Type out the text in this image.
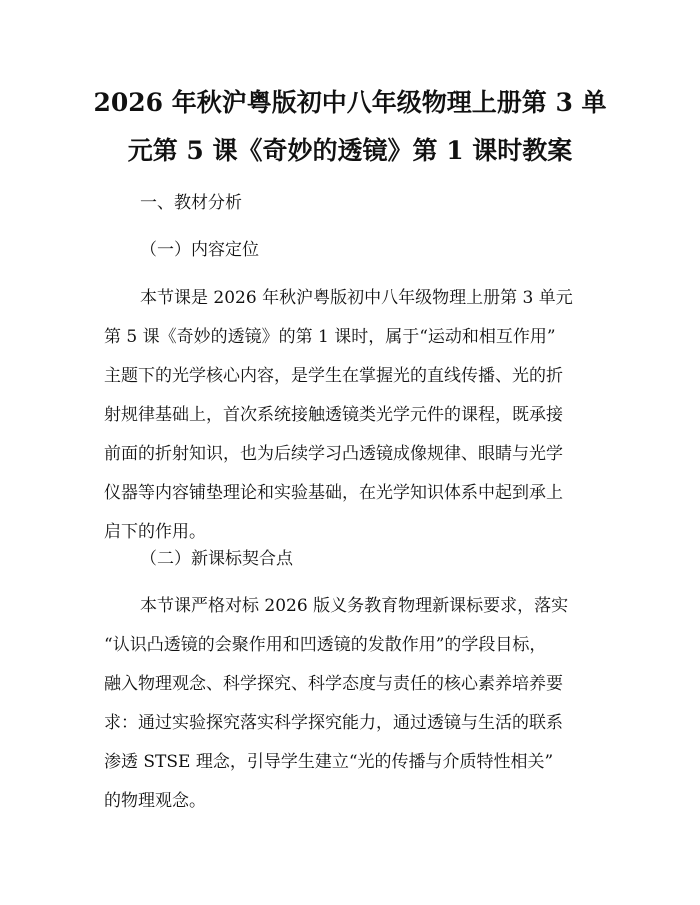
2026 年秋沪粤版初中八年级物理上册第 3 单
元第 5 课《奇妙的透镜》第 1 课时教案
一、教材分析
（一）内容定位
本节课是 2026 年秋沪粤版初中八年级物理上册第 3 单元
第 5 课《奇妙的透镜》的第 1 课时，属于“运动和相互作用”
主题下的光学核心内容，是学生在掌握光的直线传播、光的折
射规律基础上，首次系统接触透镜类光学元件的课程，既承接
前面的折射知识，也为后续学习凸透镜成像规律、眼睛与光学
仪器等内容铺垫理论和实验基础，在光学知识体系中起到承上
启下的作用。
（二）新课标契合点
本节课严格对标 2026 版义务教育物理新课标要求，落实
“认识凸透镜的会聚作用和凹透镜的发散作用”的学段目标，
融入物理观念、科学探究、科学态度与责任的核心素养培养要
求：通过实验探究落实科学探究能力，通过透镜与生活的联系
渗透 STSE 理念，引导学生建立“光的传播与介质特性相关”
的物理观念。
